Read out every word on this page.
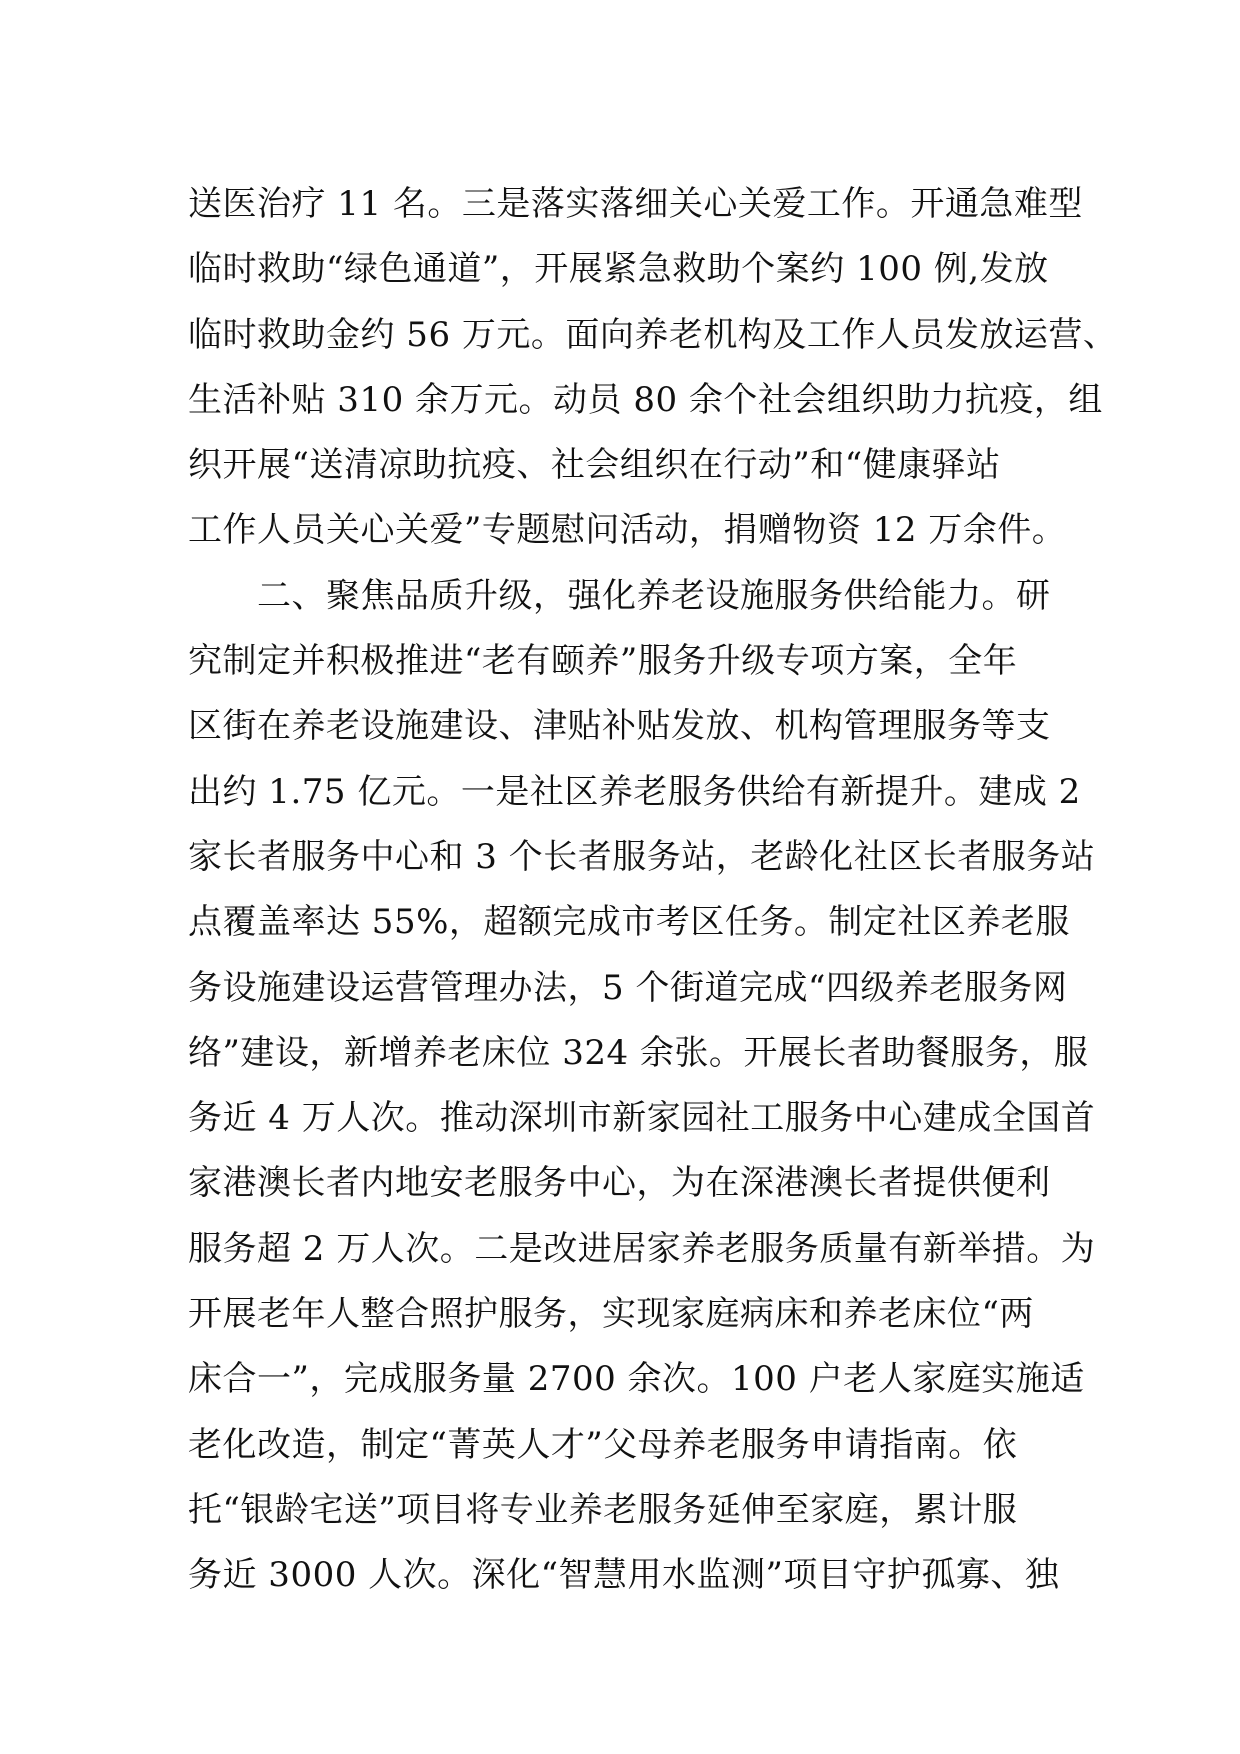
送医治疗 11 名。三是落实落细关心关爱工作。开通急难型
临时救助“绿色通道”，开展紧急救助个案约 100 例,发放
临时救助金约 56 万元。面向养老机构及工作人员发放运营、
生活补贴 310 余万元。动员 80 余个社会组织助力抗疫，组
织开展“送清凉助抗疫、社会组织在行动”和“健康驿站
工作人员关心关爱”专题慰问活动，捐赠物资 12 万余件。
　　二、聚焦品质升级，强化养老设施服务供给能力。研
究制定并积极推进“老有颐养”服务升级专项方案，全年
区街在养老设施建设、津贴补贴发放、机构管理服务等支
出约 1.75 亿元。一是社区养老服务供给有新提升。建成 2
家长者服务中心和 3 个长者服务站，老龄化社区长者服务站
点覆盖率达 55%，超额完成市考区任务。制定社区养老服
务设施建设运营管理办法，5 个街道完成“四级养老服务网
络”建设，新增养老床位 324 余张。开展长者助餐服务，服
务近 4 万人次。推动深圳市新家园社工服务中心建成全国首
家港澳长者内地安老服务中心，为在深港澳长者提供便利
服务超 2 万人次。二是改进居家养老服务质量有新举措。为
开展老年人整合照护服务，实现家庭病床和养老床位“两
床合一”，完成服务量 2700 余次。100 户老人家庭实施适
老化改造，制定“菁英人才”父母养老服务申请指南。依
托“银龄宅送”项目将专业养老服务延伸至家庭，累计服
务近 3000 人次。深化“智慧用水监测”项目守护孤寡、独
